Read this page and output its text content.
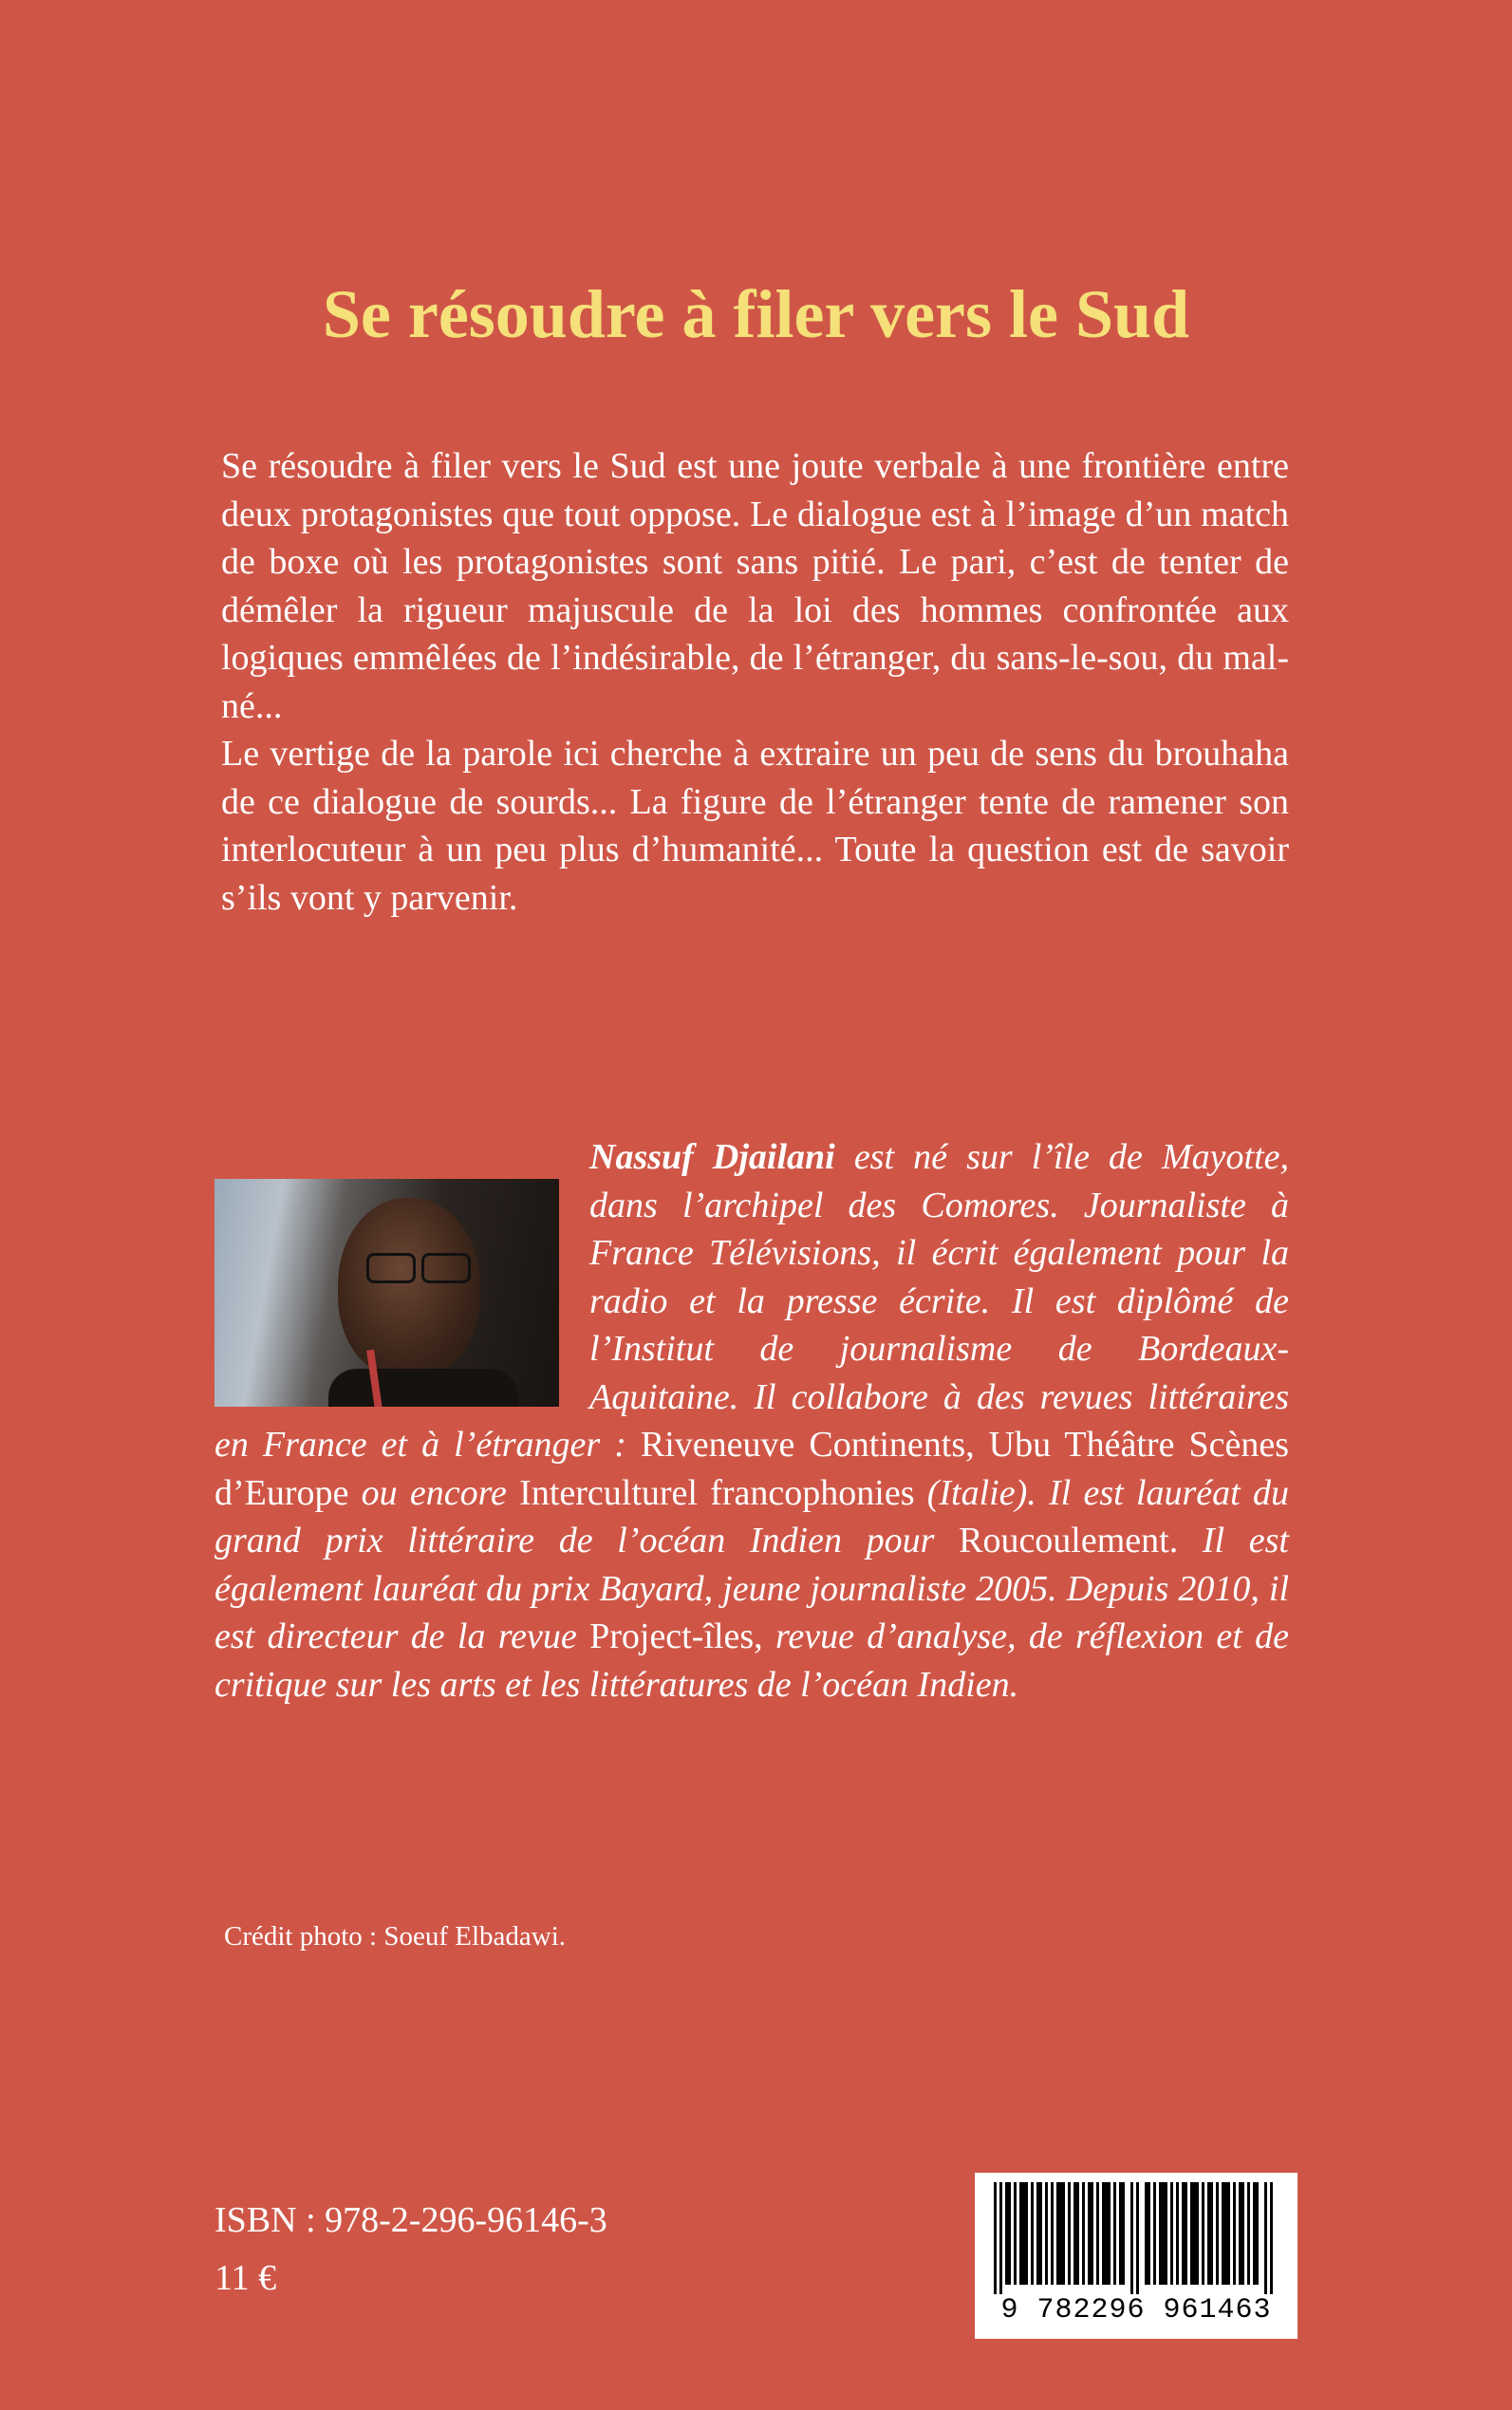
Se résoudre à filer vers le Sud

Se résoudre à filer vers le Sud est une joute verbale à une frontière entre deux protagonistes que tout oppose. Le dialogue est à l’image d’un match de boxe où les protagonistes sont sans pitié. Le pari, c’est de tenter de démêler la rigueur majuscule de la loi des hommes confrontée aux logiques emmêlées de l’indésirable, de l’étranger, du sans-le-sou, du mal-né...

Le vertige de la parole ici cherche à extraire un peu de sens du brouhaha de ce dialogue de sourds... La figure de l’étranger tente de ramener son interlocuteur à un peu plus d’humanité... Toute la question est de savoir s’ils vont y parvenir.

Nassuf Djailani est né sur l’île de Mayotte, dans l’archipel des Comores. Journaliste à France Télévisions, il écrit également pour la radio et la presse écrite. Il est diplômé de l’Institut de journalisme de Bordeaux-Aquitaine. Il collabore à des revues littéraires en France et à l’étranger : Riveneuve Continents, Ubu Théâtre Scènes d’Europe ou encore Interculturel francophonies (Italie). Il est lauréat du grand prix littéraire de l’océan Indien pour Roucoulement. Il est également lauréat du prix Bayard, jeune journaliste 2005. Depuis 2010, il est directeur de la revue Project-îles, revue d’analyse, de réflexion et de critique sur les arts et les littératures de l’océan Indien.

Crédit photo : Soeuf Elbadawi.

ISBN : 978-2-296-96146-3

11 €

9 782296 961463
